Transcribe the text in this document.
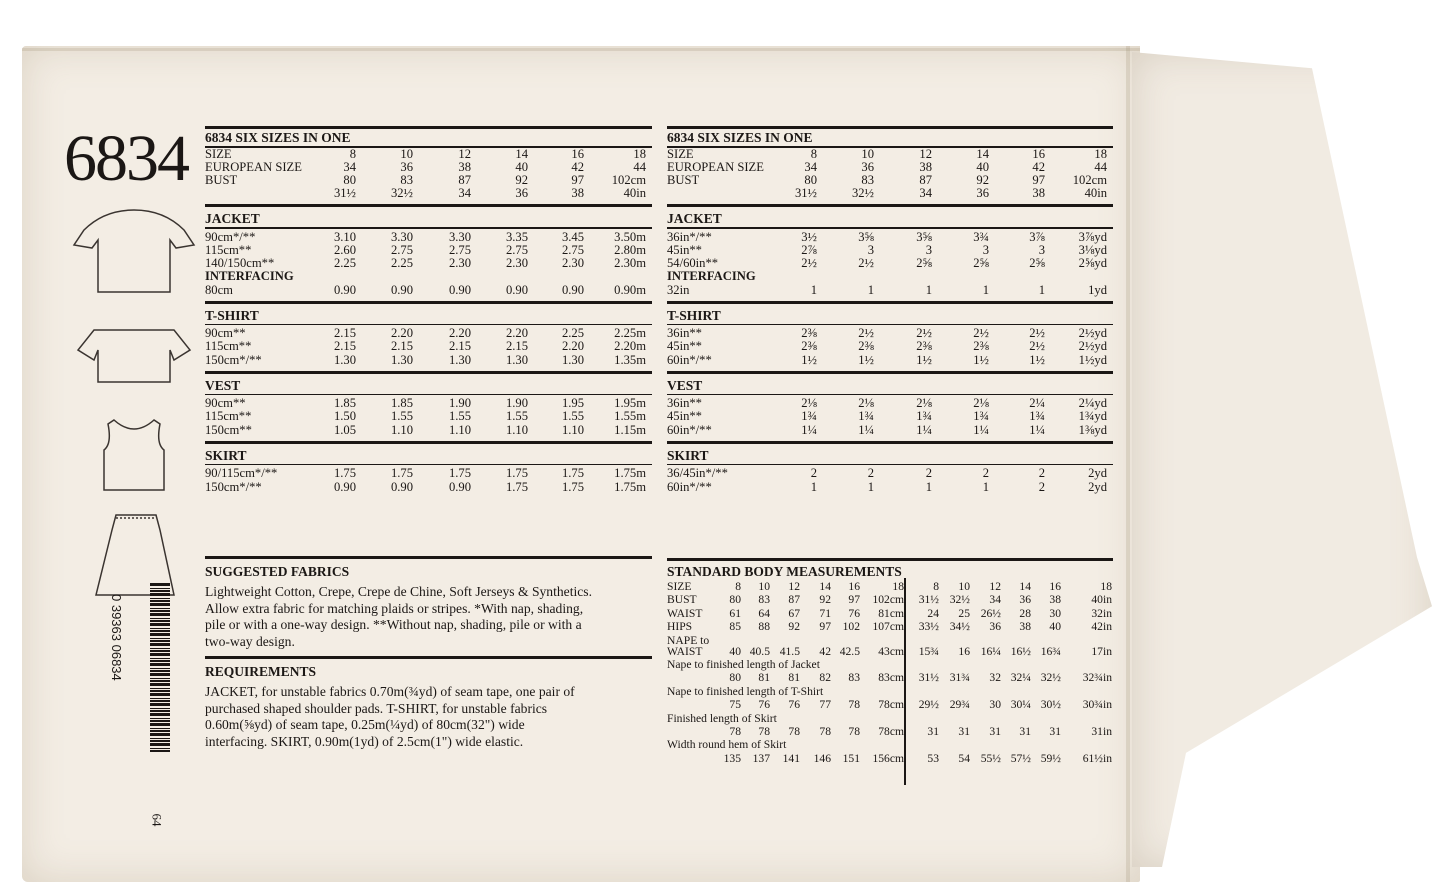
6834
0 39363 06834
64
6834 SIX SIZES IN ONE
SIZE	8	10	12	14	16	18
EUROPEAN SIZE	34	36	38	40	42	44
BUST	80	83	87	92	97 102cm
31½	32½	34	36	38	40in
JACKET
90cm*/**	3.10	3.30	3.30	3.35	3.45 3.50m
115cm**	2.60	2.75	2.75	2.75	2.75 2.80m
140/150cm**	2.25	2.25	2.30	2.30	2.30 2.30m
INTERFACING
80cm	0.90	0.90	0.90	0.90	0.90 0.90m
T-SHIRT
90cm**	2.15	2.20	2.20	2.20	2.25 2.25m
115cm**	2.15	2.15	2.15	2.15	2.20 2.20m
150cm*/**	1.30	1.30	1.30	1.30	1.30 1.35m
VEST
90cm**	1.85	1.85	1.90	1.90	1.95 1.95m
115cm**	1.50	1.55	1.55	1.55	1.55 1.55m
150cm**	1.05	1.10	1.10	1.10	1.10 1.15m
SKIRT
90/115cm*/**	1.75	1.75	1.75	1.75	1.75 1.75m
150cm*/**	0.90	0.90	0.90	1.75	1.75 1.75m
6834 SIX SIZES IN ONE
SIZE	8	10	12	14	16	18
EUROPEAN SIZE	34	36	38	40	42	44
BUST	80	83	87	92	97 102cm
31½	32½	34	36	38	40in
JACKET
36in*/**	3½	3⅝	3⅝	3¾	3⅞	3⅞yd
45in**	2⅞	3	3	3	3	3⅛yd
54/60in**	2½	2½	2⅝	2⅝	2⅝	2⅝yd
INTERFACING
32in	1	1	1	1	1	1yd
T-SHIRT
36in**	2⅜	2½	2½	2½	2½	2½yd
45in**	2⅜	2⅜	2⅜	2⅜	2½	2½yd
60in*/**	1½	1½	1½	1½	1½	1½yd
VEST
36in**	2⅛	2⅛	2⅛	2⅛	2¼	2¼yd
45in**	1¾	1¾	1¾	1¾	1¾	1¾yd
60in*/**	1¼	1¼	1¼	1¼	1¼	1⅜yd
SKIRT
36/45in*/**	2	2	2	2	2	2yd
60in*/**	1	1	1	1	2	2yd
SUGGESTED FABRICS
Lightweight Cotton, Crepe, Crepe de Chine, Soft Jerseys & Synthetics.
Allow extra fabric for matching plaids or stripes. *With nap, shading,
pile or with a one-way design. **Without nap, shading, pile or with a
two-way design.
REQUIREMENTS
JACKET, for unstable fabrics 0.70m(¾yd) of seam tape, one pair of
purchased shaped shoulder pads. T-SHIRT, for unstable fabrics
0.60m(⅝yd) of seam tape, 0.25m(¼yd) of 80cm(32") wide
interfacing. SKIRT, 0.90m(1yd) of 2.5cm(1") wide elastic.
STANDARD BODY MEASUREMENTS
SIZE	8 10 12 14 16	18	8 10 12 14 16	18
BUST	80 83 87 92 97 102cm 31½ 32½ 34 36 38	40in
WAIST 61 64 67 71 76 81cm 24 25 26½ 28 30	32in
HIPS	85 88 92 97 102 107cm 33½ 34½ 36 38 40	42in
NAPE to
WAIST 40 40.5 41.5 42 42.5 43cm 15¾ 16 16¼ 16½ 16¾	17in
Nape to finished length of Jacket
80 81 81 82 83 83cm 31½ 31¾ 32 32¼ 32½ 32¾in
Nape to finished length of T-Shirt
75 76 76 77 78 78cm 29½ 29¾ 30 30¼ 30½ 30¾in
Finished length of Skirt
78 78 78 78 78 78cm 31 31 31 31 31	31in
Width round hem of Skirt
135 137 141 146 151 156cm 53 54 55½ 57½ 59½ 61½in
